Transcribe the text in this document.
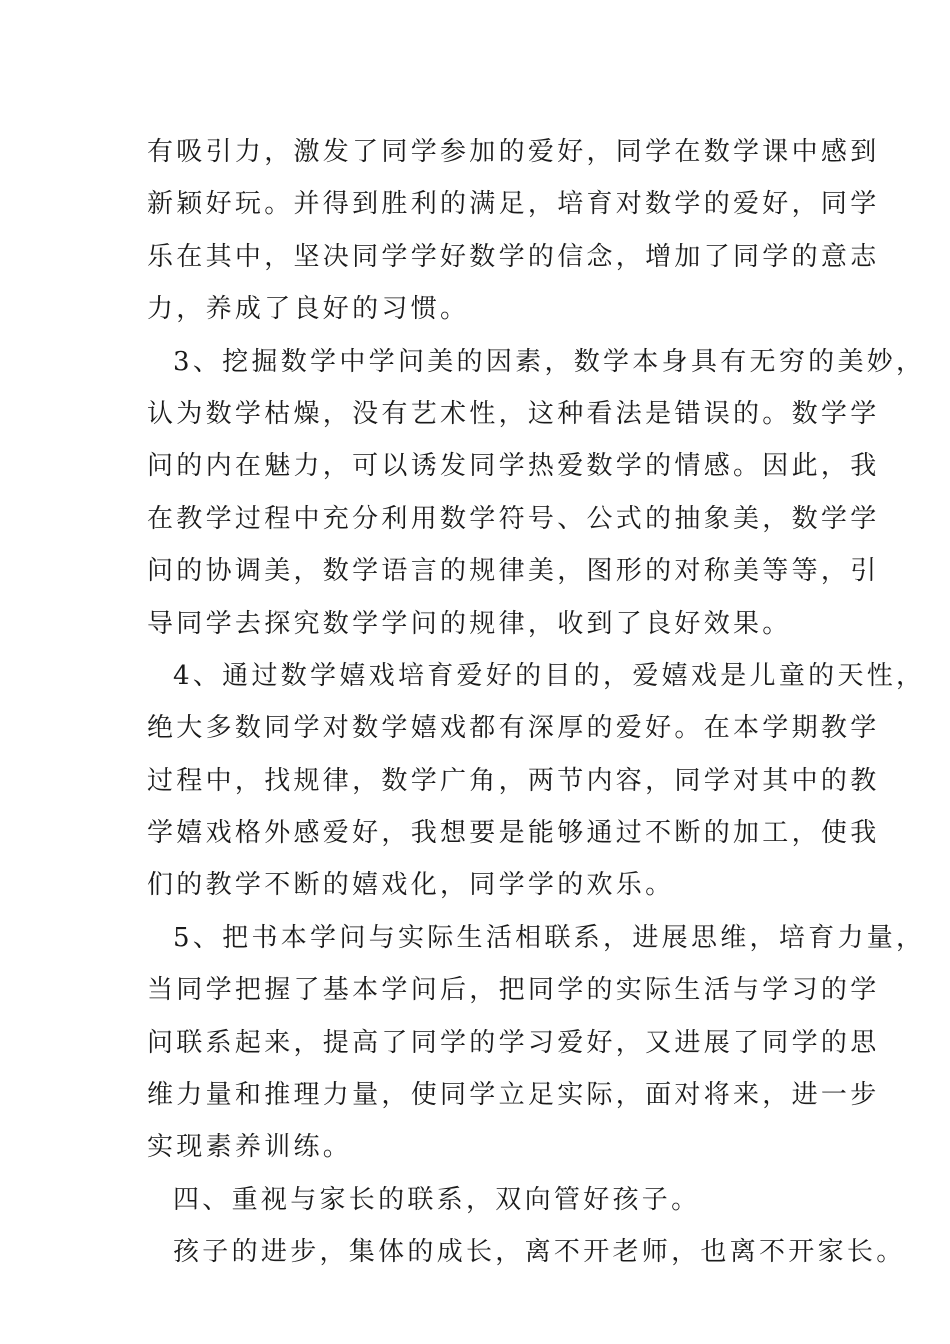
有吸引力，激发了同学参加的爱好，同学在数学课中感到
新颖好玩。并得到胜利的满足，培育对数学的爱好，同学
乐在其中，坚决同学学好数学的信念，增加了同学的意志
力，养成了良好的习惯。
3、挖掘数学中学问美的因素，数学本身具有无穷的美妙，
认为数学枯燥，没有艺术性，这种看法是错误的。数学学
问的内在魅力，可以诱发同学热爱数学的情感。因此，我
在教学过程中充分利用数学符号、公式的抽象美，数学学
问的协调美，数学语言的规律美，图形的对称美等等，引
导同学去探究数学学问的规律，收到了良好效果。
4、通过数学嬉戏培育爱好的目的，爱嬉戏是儿童的天性，
绝大多数同学对数学嬉戏都有深厚的爱好。在本学期教学
过程中，找规律，数学广角，两节内容，同学对其中的教
学嬉戏格外感爱好，我想要是能够通过不断的加工，使我
们的教学不断的嬉戏化，同学学的欢乐。
5、把书本学问与实际生活相联系，进展思维，培育力量，
当同学把握了基本学问后，把同学的实际生活与学习的学
问联系起来，提高了同学的学习爱好，又进展了同学的思
维力量和推理力量，使同学立足实际，面对将来，进一步
实现素养训练。
四、重视与家长的联系，双向管好孩子。
孩子的进步，集体的成长，离不开老师，也离不开家长。
